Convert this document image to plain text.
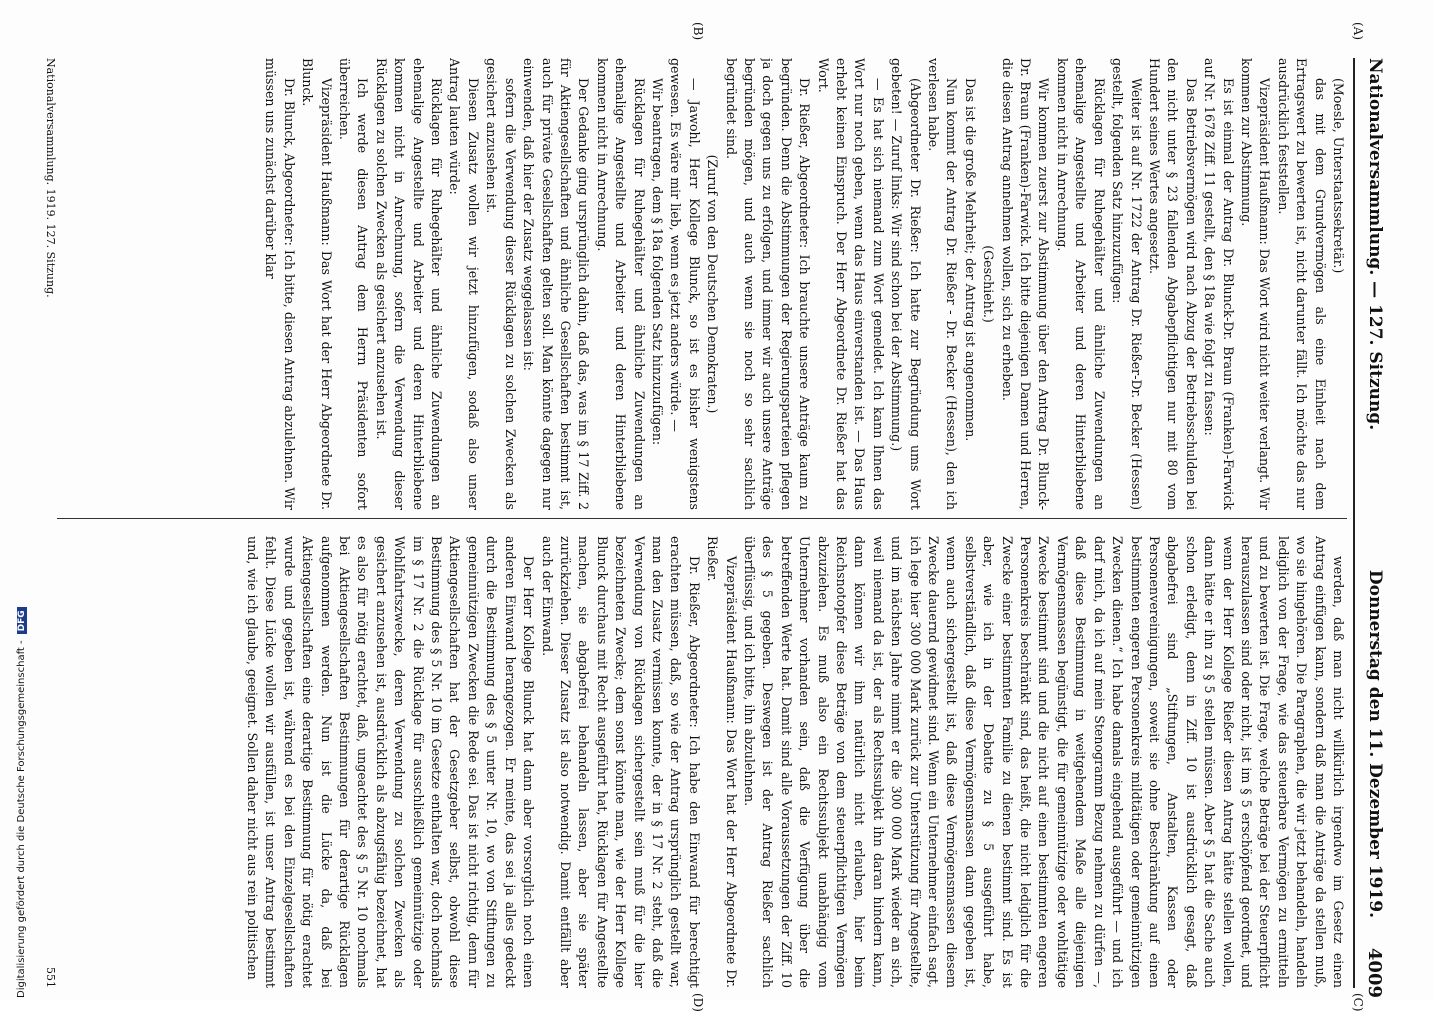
Nationalversammlung. — 127. Sitzung.
Donnerstag den 11. Dezember 1919.
4009
(A)
(B)
(C)
(D)

(Moesle, Unterstaatssekretär.)

das mit dem Grundvermögen als eine Einheit nach dem Ertragswert zu bewerten ist, nicht darunter fällt. Ich möchte das nur ausdrücklich feststellen.

Vizepräsident Haußmann: Das Wort wird nicht weiter verlangt. Wir kommen zur Abstimmung.

Es ist einmal der Antrag Dr. Blunck-Dr. Braun (Franken)-Farwick auf Nr. 1678 Ziff. 11 gestellt, den § 18a wie folgt zu fassen:

Das Betriebsvermögen wird nach Abzug der Betriebsschulden bei den nicht unter § 23 fallenden Abgabepflichtigen nur mit 80 vom Hundert seines Wertes angesetzt.

Weiter ist auf Nr. 1722 der Antrag Dr. Rießer-Dr. Becker (Hessen) gestellt, folgenden Satz hinzuzufügen:

Rücklagen für Ruhegehälter und ähnliche Zuwendungen an ehemalige Angestellte und Arbeiter und deren Hinterbliebene kommen nicht in Anrechnung.

Wir kommen zuerst zur Abstimmung über den Antrag Dr. Blunck-Dr. Braun (Franken)-Farwick. Ich bitte diejenigen Damen und Herren, die diesen Antrag annehmen wollen, sich zu erheben.

(Geschieht.)

Das ist die große Mehrheit; der Antrag ist angenommen.

Nun kommt der Antrag Dr. Rießer - Dr. Becker (Hessen), den ich verlesen habe.

(Abgeordneter Dr. Rießer: Ich hatte zur Begründung ums Wort gebeten! — Zuruf links: Wir sind schon bei der Abstimmung.)

— Es hat sich niemand zum Wort gemeldet. Ich kann Ihnen das Wort nur noch geben, wenn das Haus einverstanden ist. — Das Haus erhebt keinen Einspruch. Der Herr Abgeordnete Dr. Rießer hat das Wort.

Dr. Rießer, Abgeordneter: Ich brauchte unsere Anträge kaum zu begründen. Denn die Abstimmungen der Regierungsparteien pflegen ja doch gegen uns zu erfolgen, und immer wir auch unsere Anträge begründen mögen, und auch wenn sie noch so sehr sachlich begründet sind.

(Zuruf von den Deutschen Demokraten.)

— Jawohl, Herr Kollege Blunck, so ist es bisher wenigstens gewesen. Es wäre mir lieb, wenn es jetzt anders würde. —

Wir beantragen, dem § 18a folgenden Satz hinzuzufügen:

Rücklagen für Ruhegehälter und ähnliche Zuwendungen an ehemalige Angestellte und Arbeiter und deren Hinterbliebene kommen nicht in Anrechnung.

Der Gedanke ging ursprünglich dahin, daß das, was im § 17 Ziff. 2 für Aktiengesellschaften und ähnliche Gesellschaften bestimmt ist, auch für private Gesellschaften gelten soll. Man könnte dagegen nur einwenden, daß hier der Zusatz weggelassen ist:

sofern die Verwendung dieser Rücklagen zu solchen Zwecken als gesichert anzusehen ist.

Diesen Zusatz wollen wir jetzt hinzufügen, sodaß also unser Antrag lauten würde:

Rücklagen für Ruhegehälter und ähnliche Zuwendungen an ehemalige Angestellte und Arbeiter und deren Hinterbliebene kommen nicht in Anrechnung, sofern die Verwendung dieser Rücklagen zu solchen Zwecken als gesichert anzusehen ist.

Ich werde diesen Antrag dem Herrn Präsidenten sofort überreichen.

Vizepräsident Haußmann: Das Wort hat der Herr Abgeordnete Dr. Blunck.

Dr. Blunck, Abgeordneter: Ich bitte, diesen Antrag abzulehnen. Wir müssen uns zunächst darüber klar

werden, daß man nicht willkürlich irgendwo im Gesetz einen Antrag einfügen kann, sondern daß man die Anträge da stellen muß, wo sie hingehören. Die Paragraphen, die wir jetzt behandeln, handeln lediglich von der Frage, wie das steuerbare Vermögen zu ermitteln und zu bewerten ist. Die Frage, welche Beträge bei der Steuerpflicht herauszulassen sind oder nicht, ist im § 5 erschöpfend geordnet, und wenn der Herr Kollege Rießer diesen Antrag hätte stellen wollen, dann hätte er ihn zu § 5 stellen müssen. Aber § 5 hat die Sache auch schon erledigt, denn in Ziff. 10 ist ausdrücklich gesagt, daß abgabefrei sind „Stiftungen, Anstalten, Kassen oder Personenvereinigungen, soweit sie ohne Beschränkung auf einen bestimmten engeren Personenkreis mildtätigen oder gemeinnützigen Zwecken dienen.“ Ich habe damals eingehend ausgeführt — und ich darf mich, da ich auf mein Stenogramm Bezug nehmen zu dürfen —, daß diese Bestimmung in weitgehendem Maße alle diejenigen Vermögensmassen begünstigt, die für gemeinnützige oder wohltätige Zwecke bestimmt sind und die nicht auf einen bestimmten engeren Personenkreis beschränkt sind, das heißt, die nicht lediglich für die Zwecke einer bestimmten Familie zu dienen bestimmt sind. Es ist aber, wie ich in der Debatte zu § 5 ausgeführt habe, selbstverständlich, daß diese Vermögensmassen dann gegeben ist, wenn auch sichergestellt ist, daß diese Vermögensmassen diesem Zwecke dauernd gewidmet sind. Wenn ein Unternehmer einfach sagt, ich lege hier 300 000 Mark zurück zur Unterstützung für Angestellte, und im nächsten Jahre nimmt er die 300 000 Mark wieder an sich, weil niemand da ist, der als Rechtssubjekt ihn daran hindern kann, dann können wir ihm natürlich nicht erlauben, hier beim Reichsnotopfer diese Beträge von dem steuerpflichtigen Vermögen abzuziehen. Es muß also ein Rechtssubjekt unabhängig vom Unternehmer vorhanden sein, daß die Verfügung über die betreffenden Werte hat. Damit sind alle Voraussetzungen der Ziff. 10 des § 5 gegeben. Deswegen ist der Antrag Rießer sachlich überflüssig, und ich bitte, ihn abzulehnen.

Vizepräsident Haußmann: Das Wort hat der Herr Abgeordnete Dr. Rießer.

Dr. Rießer, Abgeordneter: Ich habe den Einwand für berechtigt erachten müssen, daß, so wie der Antrag ursprünglich gestellt war, man den Zusatz vermissen konnte, der in § 17 Nr. 2 steht, daß die Verwendung von Rücklagen sichergestellt sein muß für die hier bezeichneten Zwecke; dem sonst könnte man, wie der Herr Kollege Blunck durchaus mit Recht ausgeführt hat, Rücklagen für Angestellte machen, sie abgabefrei behandeln lassen, aber sie später zurückziehen. Dieser Zusatz ist also notwendig. Damit entfällt aber auch der Einwand.

Der Herr Kollege Blunck hat dann aber vorsorglich noch einen anderen Einwand herangezogen. Er meinte, das sei ja alles gedeckt durch die Bestimmung des § 5 unter Nr. 10, wo von Stiftungen zu gemeinnützigen Zwecken die Rede sei. Das ist nicht richtig, denn für Aktiengesellschaften hat der Gesetzgeber selbst, obwohl diese Bestimmung des § 5 Nr. 10 im Gesetze enthalten war, doch nochmals im § 17 Nr. 2 die Rücklage für ausschließlich gemeinnützige oder Wohlfahrtszwecke, deren Verwendung zu solchen Zwecken als gesichert anzusehen ist, ausdrücklich als abzugsfähig bezeichnet, hat es also für nötig erachtet, daß, ungeachtet des § 5 Nr. 10 nochmals bei Aktiengesellschaften Bestimmungen für derartige Rücklagen aufgenommen werden. Nun ist die Lücke da, daß bei Aktiengesellschaften eine derartige Bestimmung für nötig erachtet wurde und gegeben ist, während es bei den Einzelgesellschaften fehlt. Diese Lücke wollen wir ausfüllen, ist unser Antrag bestimmt und, wie ich glaube, geeignet. Sollen daher nicht aus rein politischen

Nationalversammlung. 1919. 127. Sitzung.
551
Digitalisierung gefördert durch die Deutsche Forschungsgemeinschaft -DFG
